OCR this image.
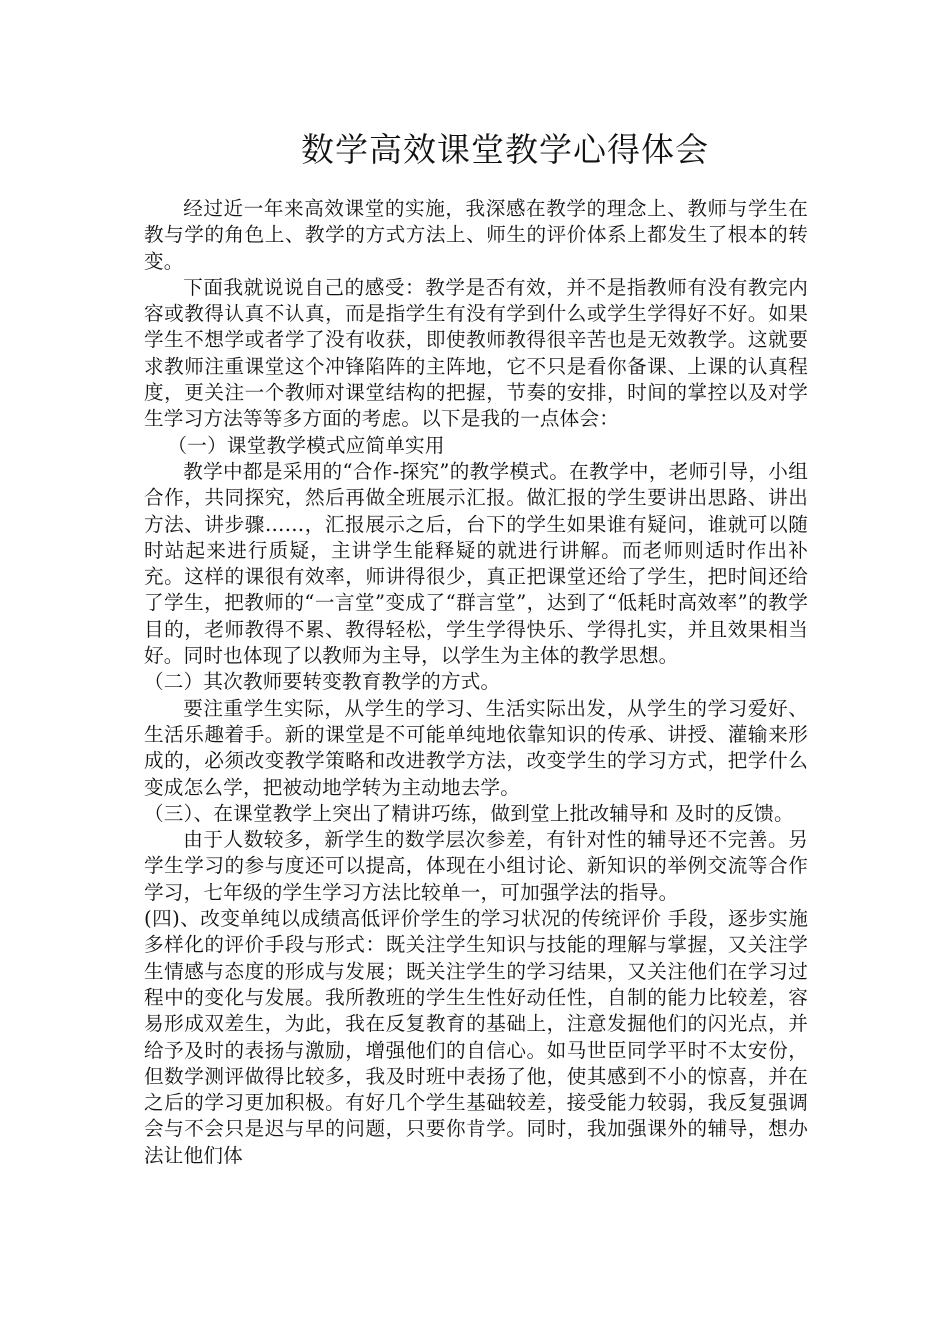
数学高效课堂教学心得体会

经过近一年来高效课堂的实施，我深感在教学的理念上、教师与学生在教与学的角色上、教学的方式方法上、师生的评价体系上都发生了根本的转变。

下面我就说说自己的感受：教学是否有效，并不是指教师有没有教完内容或教得认真不认真，而是指学生有没有学到什么或学生学得好不好。如果学生不想学或者学了没有收获，即使教师教得很辛苦也是无效教学。这就要求教师注重课堂这个冲锋陷阵的主阵地，它不只是看你备课、上课的认真程度，更关注一个教师对课堂结构的把握，节奏的安排，时间的掌控以及对学生学习方法等等多方面的考虑。以下是我的一点体会：

（一）课堂教学模式应简单实用

教学中都是采用的“合作-探究”的教学模式。在教学中，老师引导，小组合作，共同探究，然后再做全班展示汇报。做汇报的学生要讲出思路、讲出方法、讲步骤……，汇报展示之后，台下的学生如果谁有疑问，谁就可以随时站起来进行质疑，主讲学生能释疑的就进行讲解。而老师则适时作出补充。这样的课很有效率，师讲得很少，真正把课堂还给了学生，把时间还给了学生，把教师的“一言堂”变成了“群言堂”，达到了“低耗时高效率”的教学目的，老师教得不累、教得轻松，学生学得快乐、学得扎实，并且效果相当好。同时也体现了以教师为主导，以学生为主体的教学思想。

（二）其次教师要转变教育教学的方式。

要注重学生实际，从学生的学习、生活实际出发，从学生的学习爱好、生活乐趣着手。新的课堂是不可能单纯地依靠知识的传承、讲授、灌输来形成的，必须改变教学策略和改进教学方法，改变学生的学习方式，把学什么变成怎么学，把被动地学转为主动地去学。

（三）、在课堂教学上突出了精讲巧练，做到堂上批改辅导和 及时的反馈。

由于人数较多，新学生的数学层次参差，有针对性的辅导还不完善。另学生学习的参与度还可以提高，体现在小组讨论、新知识的举例交流等合作学习，七年级的学生学习方法比较单一，可加强学法的指导。

(四)、改变单纯以成绩高低评价学生的学习状况的传统评价 手段，逐步实施多样化的评价手段与形式：既关注学生知识与技能的理解与掌握，又关注学生情感与态度的形成与发展；既关注学生的学习结果，又关注他们在学习过程中的变化与发展。我所教班的学生生性好动任性，自制的能力比较差，容易形成双差生，为此，我在反复教育的基础上，注意发掘他们的闪光点，并给予及时的表扬与激励，增强他们的自信心。如马世臣同学平时不太安份，但数学测评做得比较多，我及时班中表扬了他，使其感到不小的惊喜，并在之后的学习更加积极。有好几个学生基础较差，接受能力较弱，我反复强调会与不会只是迟与早的问题，只要你肯学。同时，我加强课外的辅导，想办法让他们体
